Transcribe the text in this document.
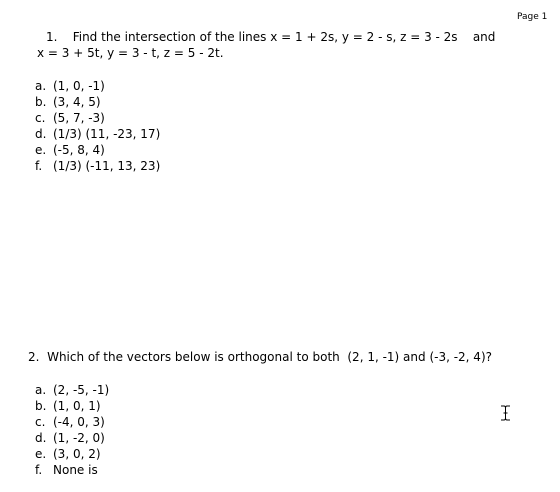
Page 1
1.    Find the intersection of the lines x = 1 + 2s, y = 2 - s, z = 3 - 2s    and
x = 3 + 5t, y = 3 - t, z = 5 - 2t.
a. (1, 0, -1)
b. (3, 4, 5)
c. (5, 7, -3)
d. (1/3) (11, -23, 17)
e. (-5, 8, 4)
f. (1/3) (-11, 13, 23)
2.  Which of the vectors below is orthogonal to both  (2, 1, -1) and (-3, -2, 4)?
a. (2, -5, -1)
b. (1, 0, 1)
c. (-4, 0, 3)
d. (1, -2, 0)
e. (3, 0, 2)
f. None is
